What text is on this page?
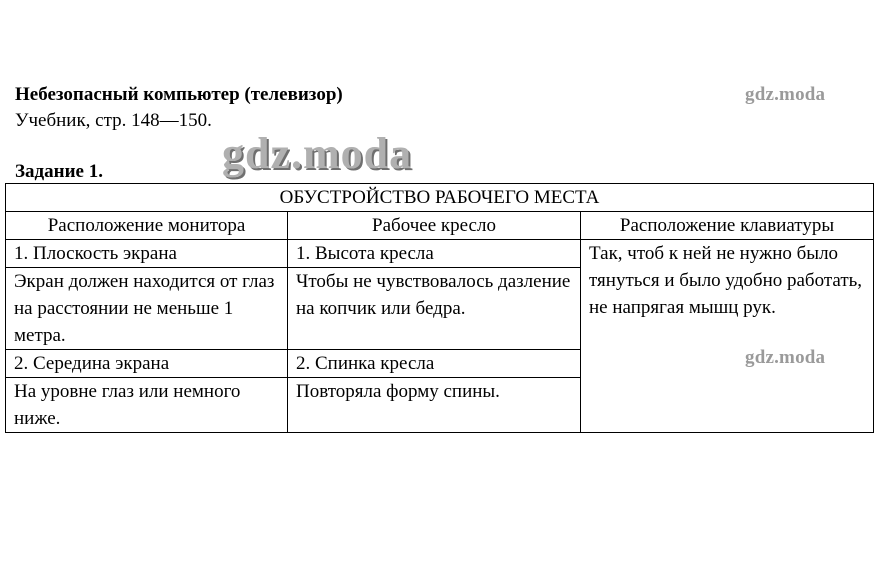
Небезопасный компьютер (телевизор)
Учебник, стр. 148—150.
Задание 1.
gdz.moda
gdz.moda
ОБУСТРОЙСТВО РАБОЧЕГО МЕСТА		
Расположение монитора	Рабочее кресло	Расположение клавиатуры
1. Плоскость экрана	1. Высота кресла	Так, чтоб к ней не нужно было тянуться и было удобно работать, не напрягая мышц рук.
Экран должен находится от глаз на расстоянии не меньше 1 метра.	Чтобы не чувствовалось дазление на копчик или бедра.	
2. Середина экрана	2. Спинка кресла	
На уровне глаз или немного ниже.	Повторяла форму спины.	
gdz.moda
